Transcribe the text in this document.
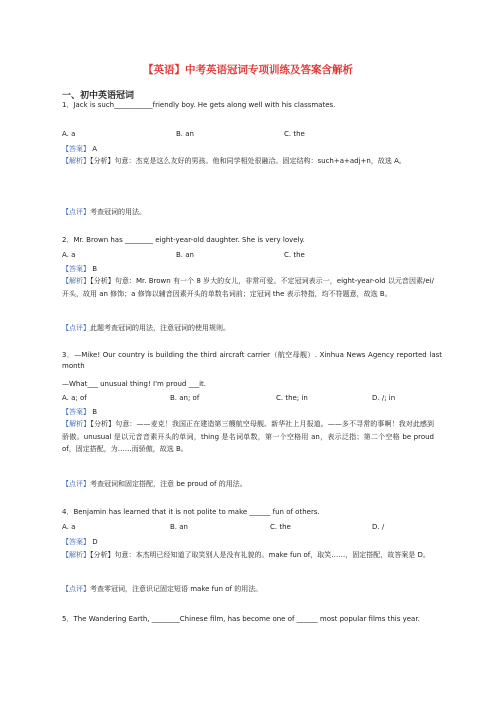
【英语】中考英语冠词专项训练及答案含解析
一、初中英语冠词
1．Jack is such___________friendly boy. He gets along well with his classmates.
A. a	B. an	C. the
【答案】 A
【解析】【分析】句意：杰克是这么友好的男孩。他和同学相处很融洽。固定结构：such+a+adj+n，故选 A。
【点评】考查冠词的用法。
2．Mr. Brown has ________ eight-year-old daughter. She is very lovely.
A. a	B. an	C. the
【答案】 B
【解析】【分析】句意：Mr. Brown 有一个 8 岁大的女儿，非常可爱。不定冠词表示一，eight-year-old 以元音因素/ei/开头，故用 an 修饰；a 修饰以辅音因素开头的单数名词前；定冠词 the 表示特指，均不符题意，故选 B。
【点评】此题考查冠词的用法，注意冠词的使用规则。
3．—Mike! Our country is building the third aircraft carrier（航空母舰）. Xinhua News Agency reported last month
—What___ unusual thing! I'm proud ___it.
A. a; of	B. an; of	C. the; in	D. /; in
【答案】 B
【解析】【分析】句意：——麦克！我国正在建造第三艘航空母舰。新华社上月报道。——多不寻常的事啊！我对此感到骄傲。unusual 是以元音音素开头的单词，thing 是名词单数，第一个空格用 an，表示泛指；第二个空格 be proud of，固定搭配，为……而骄傲，故选 B。
【点评】考查冠词和固定搭配，注意 be proud of 的用法。
4．Benjamin has learned that it is not polite to make ______ fun of others.
A. a	B. an	C. the	D. /
【答案】 D
【解析】【分析】句意：本杰明已经知道了取笑别人是没有礼貌的。make fun of，取笑……，固定搭配，故答案是 D。
【点评】考查零冠词，注意识记固定短语 make fun of 的用法。
5．The Wandering Earth, ________Chinese film, has become one of ______ most popular films this year.
